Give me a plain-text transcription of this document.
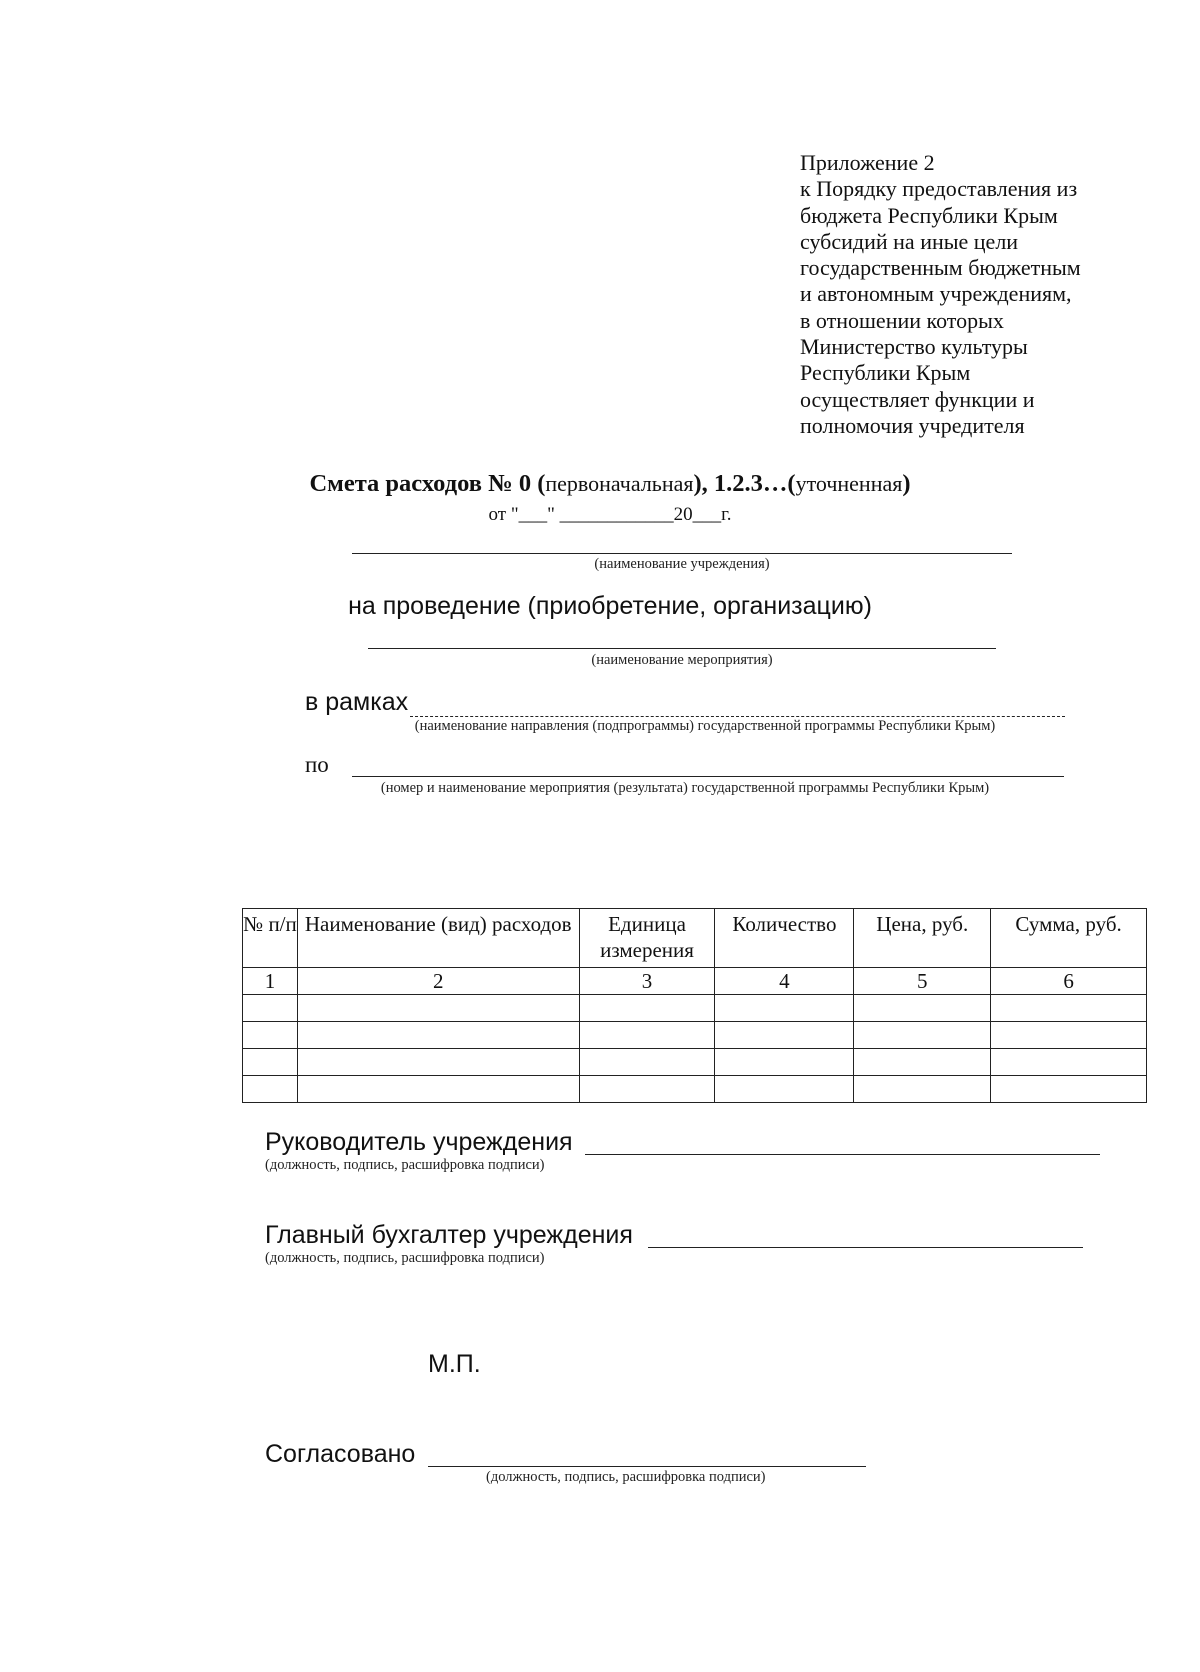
Приложение 2
к Порядку предоставления из
бюджета Республики Крым
субсидий на иные цели
государственным бюджетным
и автономным учреждениям,
в отношении которых
Министерство культуры
Республики Крым
осуществляет функции и
полномочия учредителя
Смета расходов № 0 (первоначальная), 1.2.3…(уточненная)
от "___" ____________20___г.
(наименование учреждения)
на проведение (приобретение, организацию)
(наименование мероприятия)
в рамках
(наименование направления (подпрограммы) государственной программы Республики Крым)
по
(номер и наименование мероприятия (результата) государственной программы Республики Крым)
№ п/п	Наименование (вид) расходов	Единица измерения	Количество	Цена, руб.	Сумма, руб.
1	2	3	4	5	6

Руководитель учреждения
(должность, подпись, расшифровка подписи)
Главный бухгалтер учреждения
(должность, подпись, расшифровка подписи)
М.П.
Согласовано
(должность, подпись, расшифровка подписи)
